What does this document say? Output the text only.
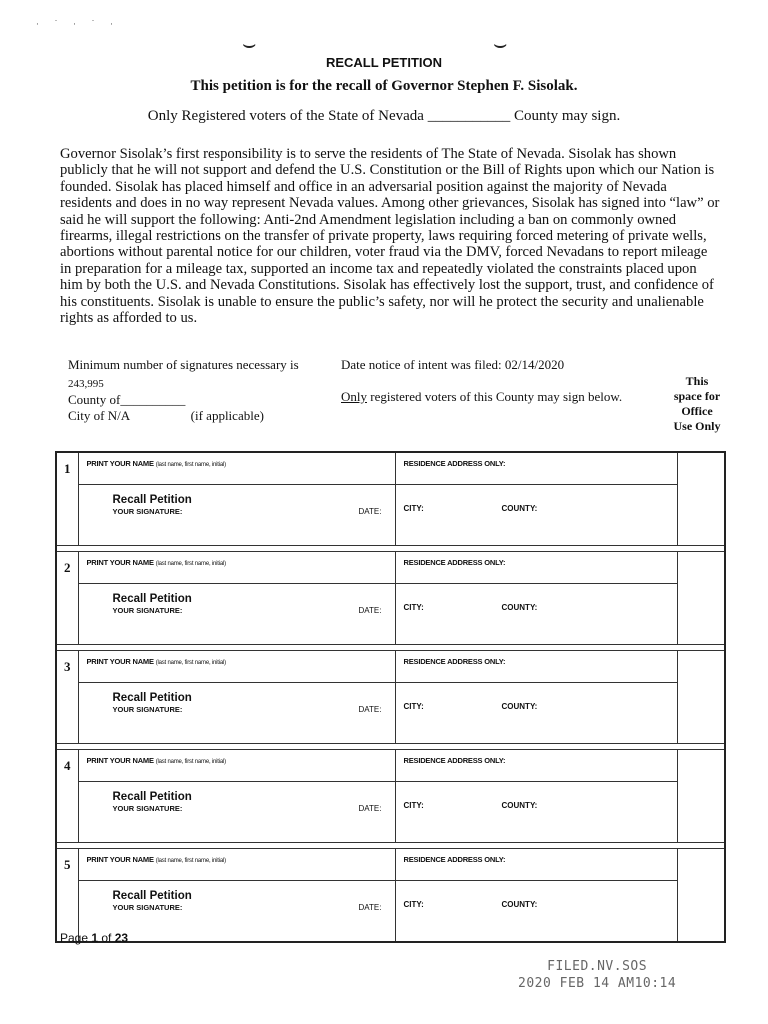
· ˙ · ˙ ·
⌣	⌣
RECALL PETITION
This petition is for the recall of Governor Stephen F. Sisolak.
Only Registered voters of the State of Nevada ___________ County may sign.
Governor Sisolak’s first responsibility is to serve the residents of The State of Nevada. Sisolak has shown publicly that he will not support and defend the U.S. Constitution or the Bill of Rights upon which our Nation is founded. Sisolak has placed himself and office in an adversarial position against the majority of Nevada residents and does in no way represent Nevada values. Among other grievances, Sisolak has signed into “law” or said he will support the following: Anti-2nd Amendment legislation including a ban on commonly owned firearms, illegal restrictions on the transfer of private property, laws requiring forced metering of private wells, abortions without parental notice for our children, voter fraud via the DMV, forced Nevadans to report mileage in preparation for a mileage tax, supported an income tax and repeatedly violated the constraints placed upon him by both the U.S. and Nevada Constitutions. Sisolak has effectively lost the support, trust, and confidence of his constituents. Sisolak is unable to ensure the public’s safety, nor will he protect the security and unalienable rights as afforded to us.
Minimum number of signatures necessary is
243,995
County of__________
City of N/A	(if applicable)
Date notice of intent was filed: 02/14/2020
Only registered voters of this County may sign below.
This
space for
Office
Use Only
1	PRINT YOUR NAME (last name, first name, initial)	RESIDENCE ADDRESS ONLY:	

	Recall Petition
YOUR SIGNATURE: DATE:	CITY: COUNTY:	

2	PRINT YOUR NAME (last name, first name, initial)	RESIDENCE ADDRESS ONLY:	

	Recall Petition
YOUR SIGNATURE: DATE:	CITY: COUNTY:	

3	PRINT YOUR NAME (last name, first name, initial)	RESIDENCE ADDRESS ONLY:	

	Recall Petition
YOUR SIGNATURE: DATE:	CITY: COUNTY:	

4	PRINT YOUR NAME (last name, first name, initial)	RESIDENCE ADDRESS ONLY:	

	Recall Petition
YOUR SIGNATURE: DATE:	CITY: COUNTY:	

5	PRINT YOUR NAME (last name, first name, initial)	RESIDENCE ADDRESS ONLY:	

	Recall Petition
YOUR SIGNATURE: DATE:	CITY: COUNTY:	
Page 1 of 23
FILED.NV.SOS
2020 FEB 14 AM10:14
